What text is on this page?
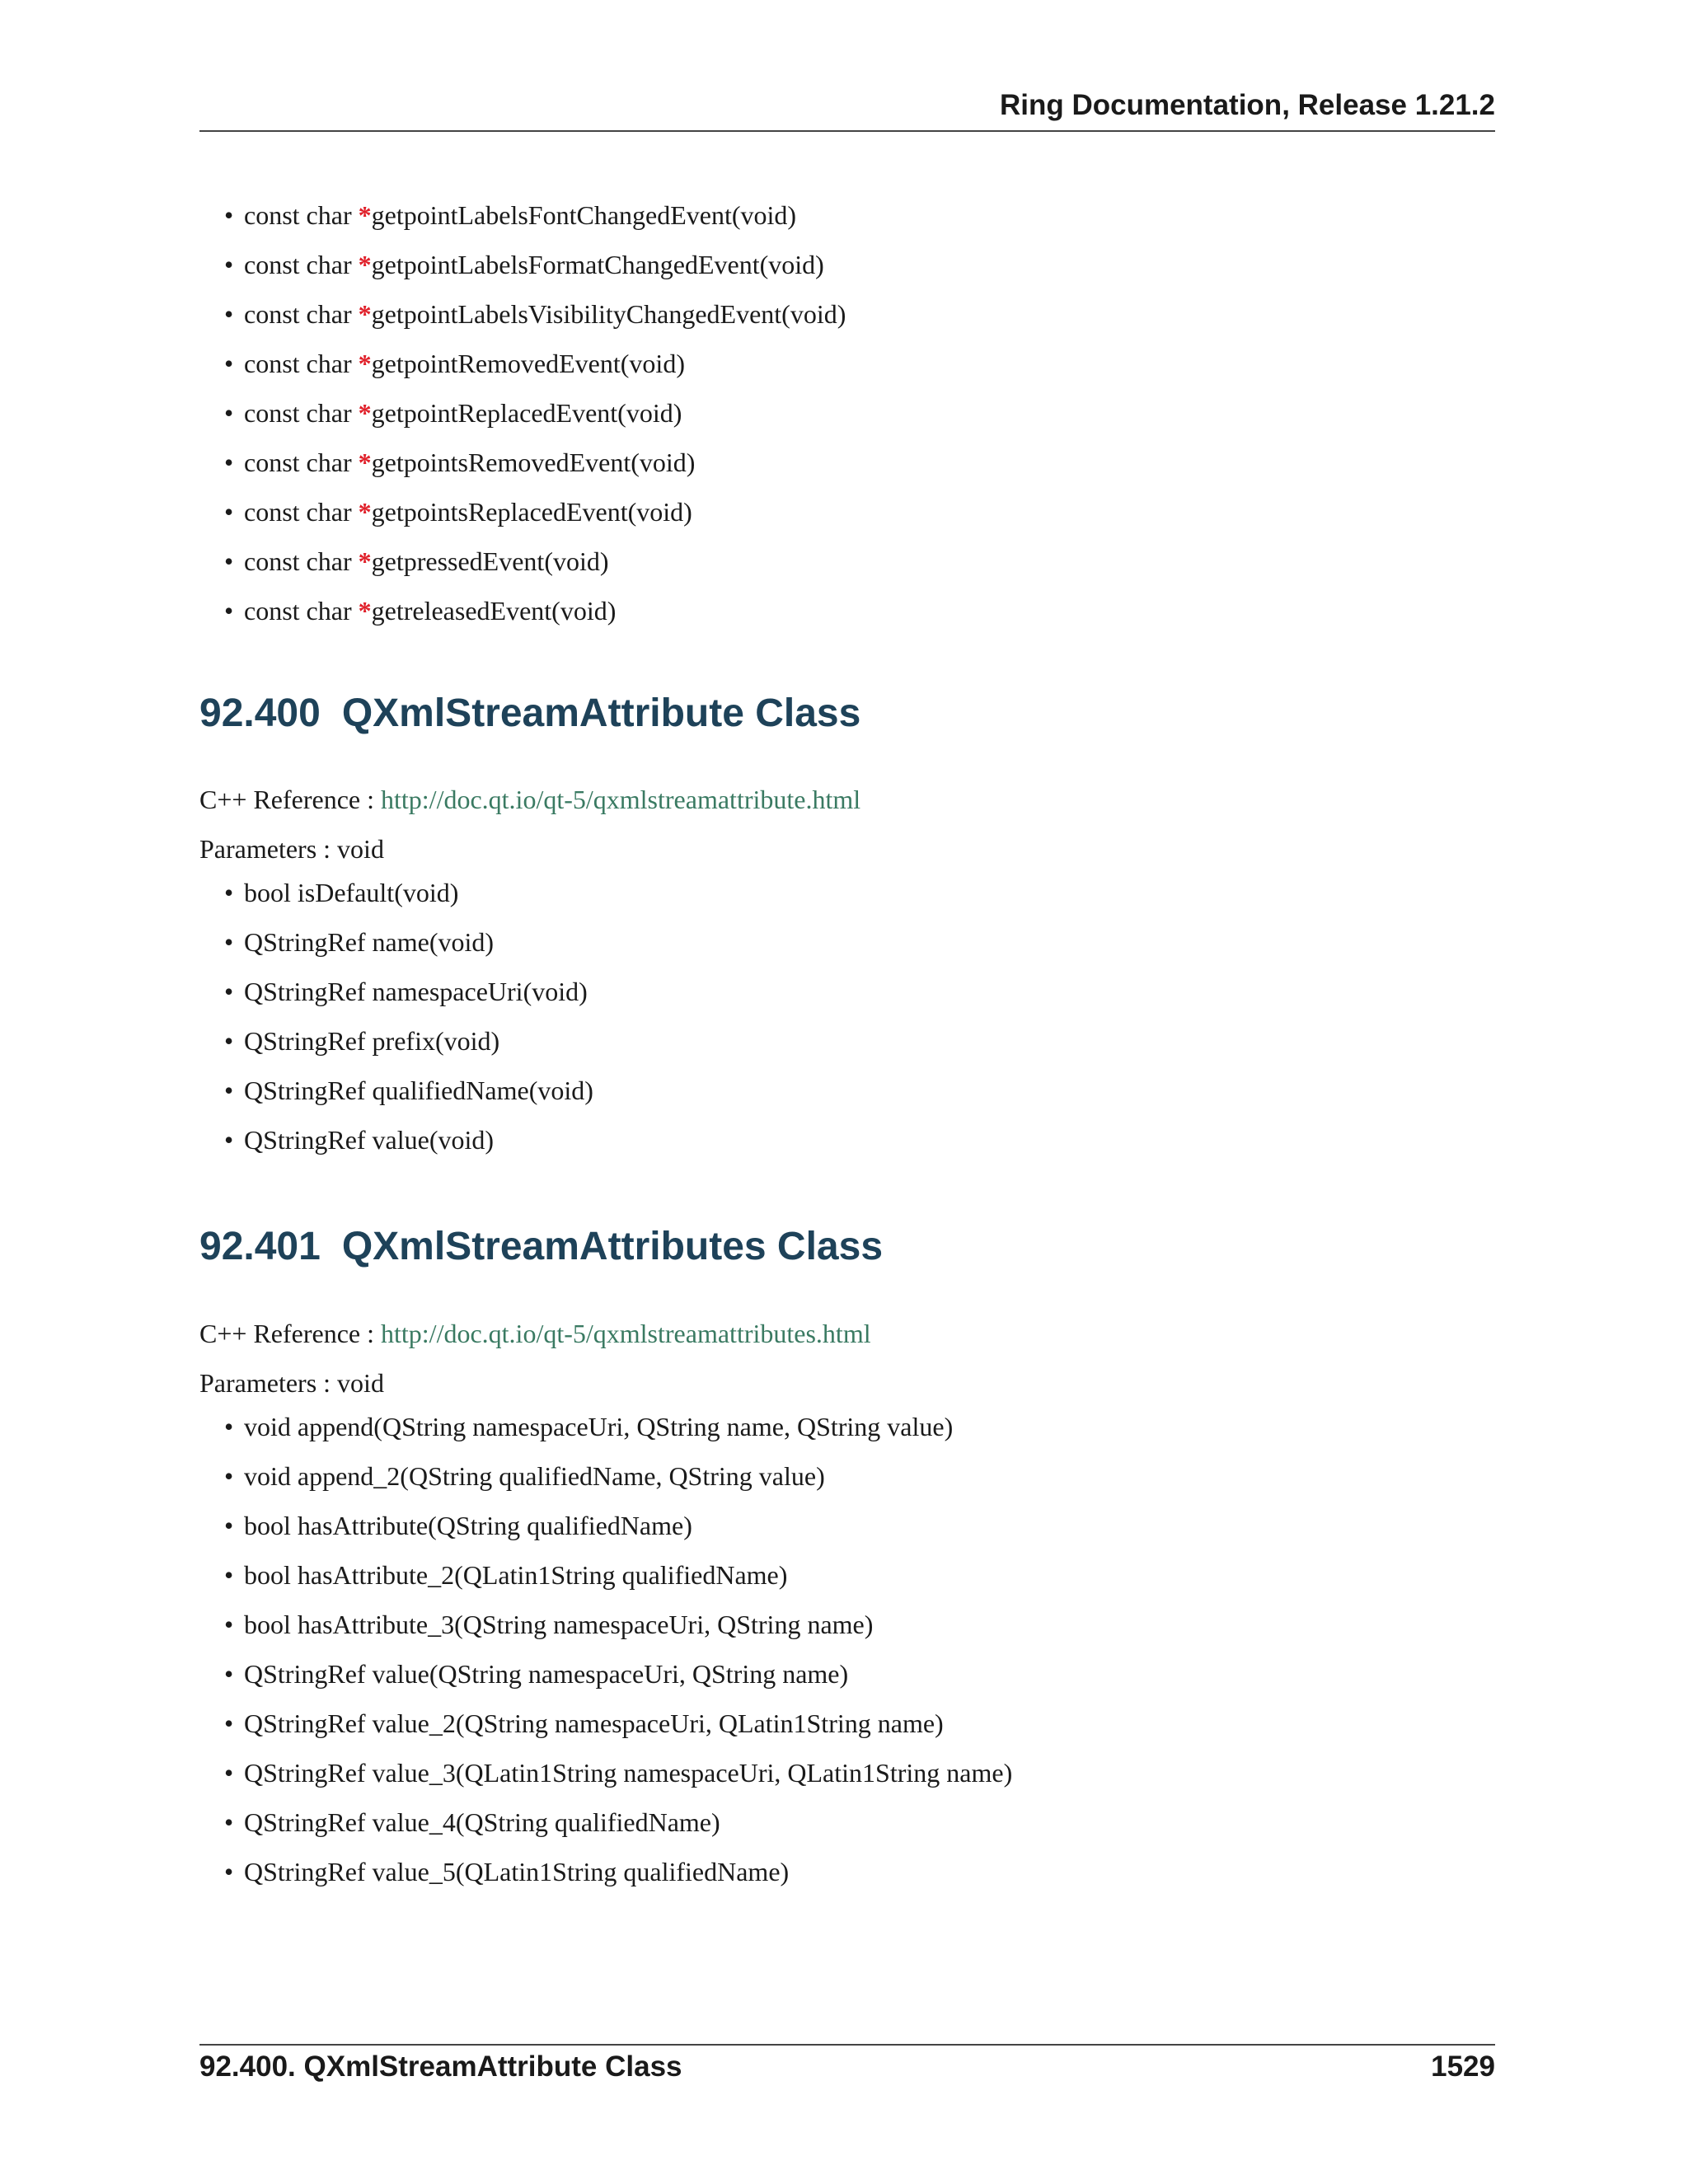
Ring Documentation, Release 1.21.2
• const char *getpointLabelsFontChangedEvent(void)
• const char *getpointLabelsFormatChangedEvent(void)
• const char *getpointLabelsVisibilityChangedEvent(void)
• const char *getpointRemovedEvent(void)
• const char *getpointReplacedEvent(void)
• const char *getpointsRemovedEvent(void)
• const char *getpointsReplacedEvent(void)
• const char *getpressedEvent(void)
• const char *getreleasedEvent(void)
92.400 QXmlStreamAttribute Class
C++ Reference : http://doc.qt.io/qt-5/qxmlstreamattribute.html
Parameters : void
• bool isDefault(void)
• QStringRef name(void)
• QStringRef namespaceUri(void)
• QStringRef prefix(void)
• QStringRef qualifiedName(void)
• QStringRef value(void)
92.401 QXmlStreamAttributes Class
C++ Reference : http://doc.qt.io/qt-5/qxmlstreamattributes.html
Parameters : void
• void append(QString namespaceUri, QString name, QString value)
• void append_2(QString qualifiedName, QString value)
• bool hasAttribute(QString qualifiedName)
• bool hasAttribute_2(QLatin1String qualifiedName)
• bool hasAttribute_3(QString namespaceUri, QString name)
• QStringRef value(QString namespaceUri, QString name)
• QStringRef value_2(QString namespaceUri, QLatin1String name)
• QStringRef value_3(QLatin1String namespaceUri, QLatin1String name)
• QStringRef value_4(QString qualifiedName)
• QStringRef value_5(QLatin1String qualifiedName)
92.400. QXmlStreamAttribute Class	1529
